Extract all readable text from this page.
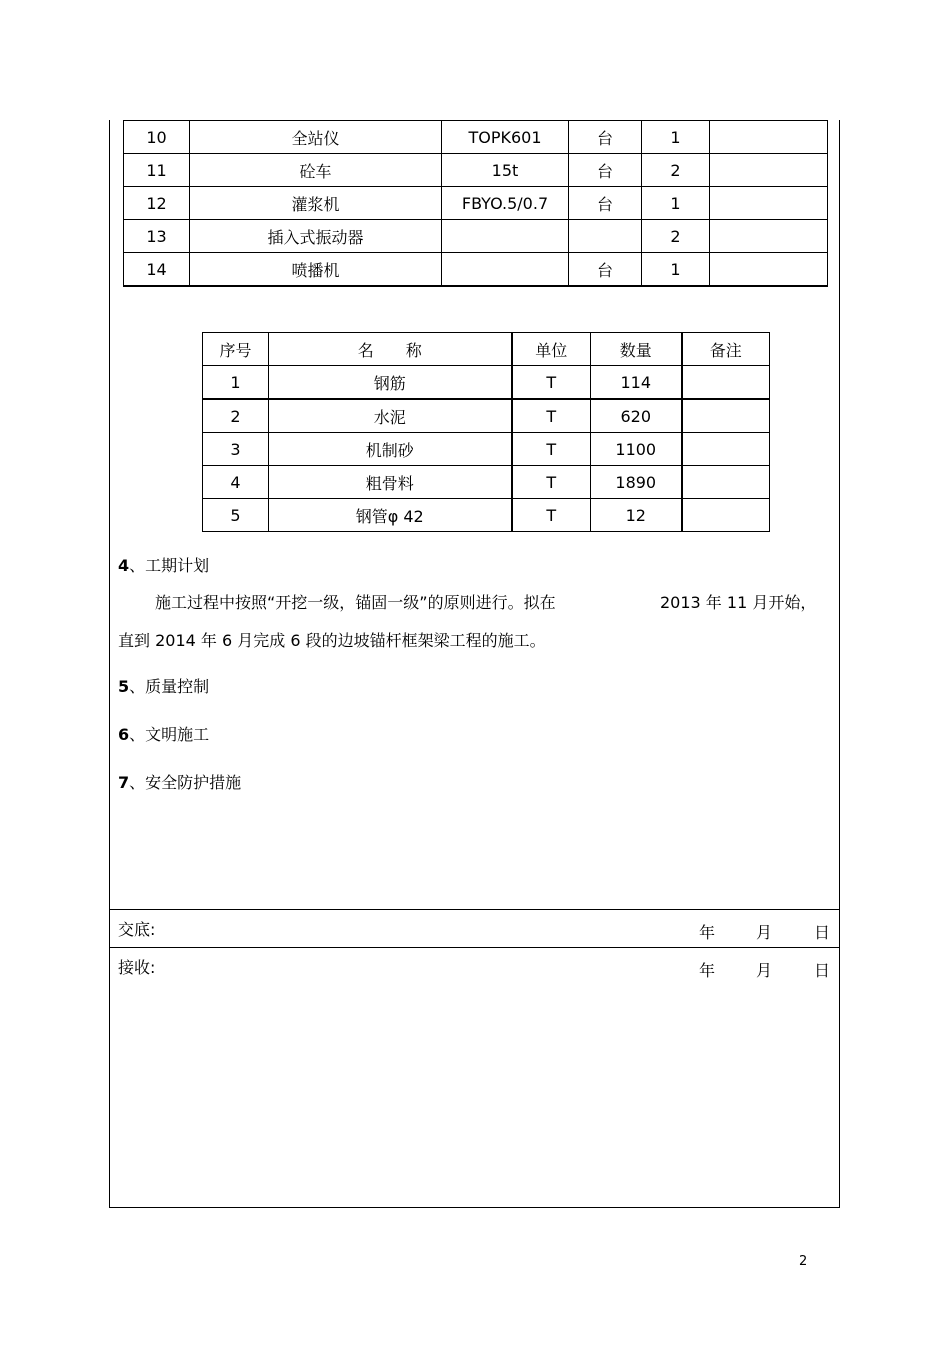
10	全站仪	TOPK601	台	1	
11	砼车	15t	台	2	
12	灌浆机	FBYO.5/0.7	台	1	
13	插入式振动器			2	
14	喷播机		台	1	
序号	名　　称	单位	数量	备注
1	钢筋	T	114	
2	水泥	T	620	
3	机制砂	T	1100	
4	粗骨料	T	1890	
5	钢管φ 42	T	12	
4、工期计划
施工过程中按照“开挖一级，锚固一级”的原则进行。拟在	2013 年 11 月开始，
直到 2014 年 6 月完成 6 段的边坡锚杆框架梁工程的施工。
5、质量控制
6、文明施工
7、安全防护措施
交底:	年	月	日
接收:	年	月	日
2
